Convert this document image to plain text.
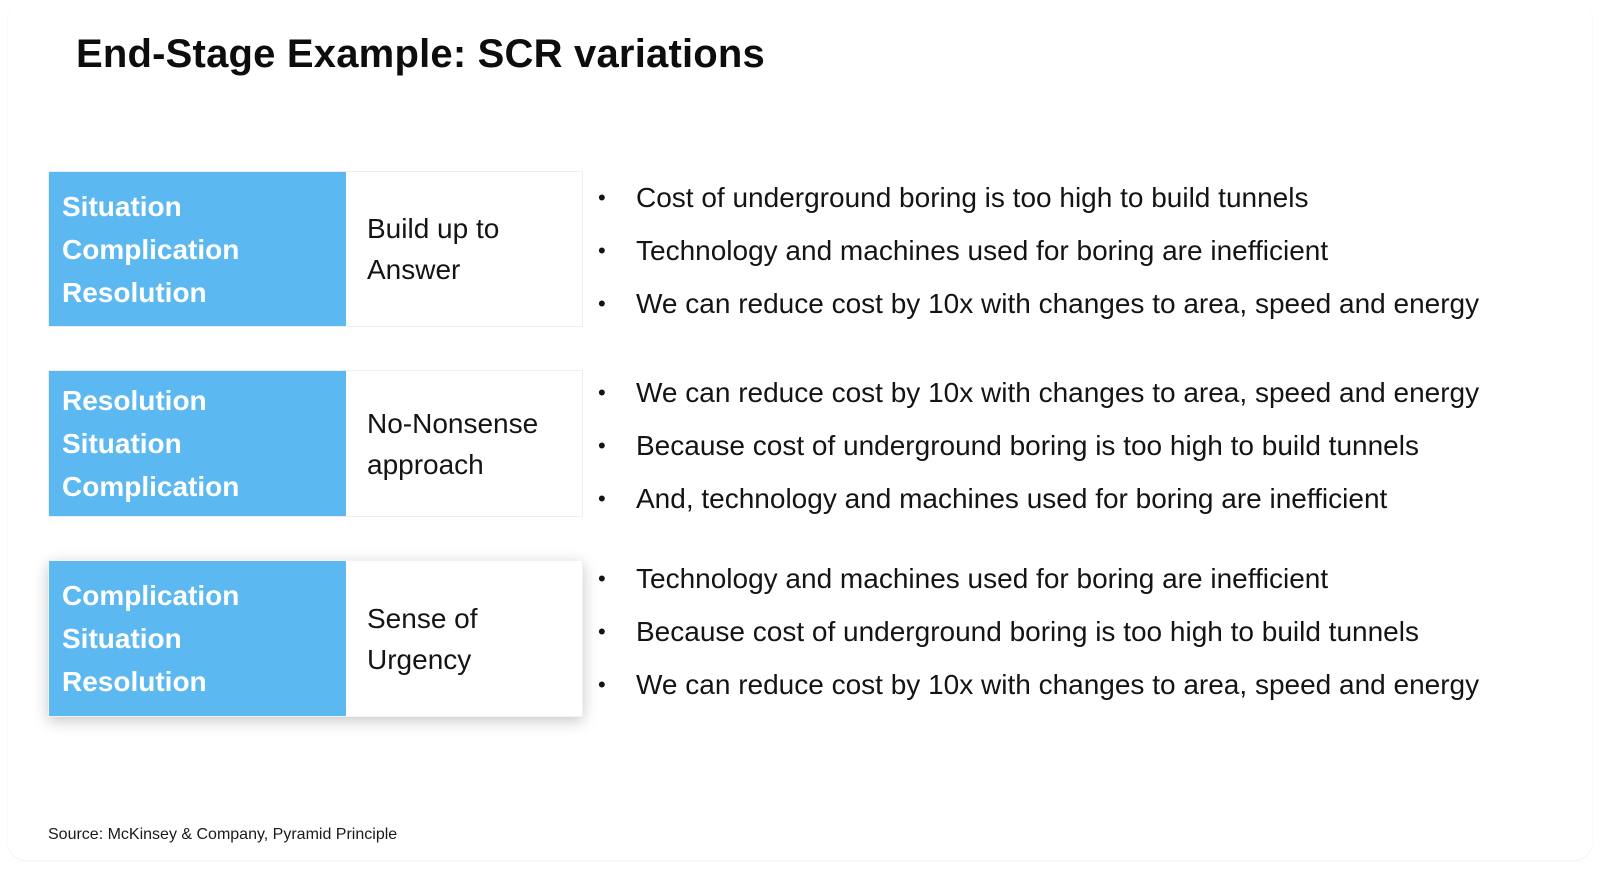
End-Stage Example: SCR variations
Situation
Complication
Resolution
Build up to Answer
•	Cost of underground boring is too high to build tunnels
•	Technology and machines used for boring are inefficient
•	We can reduce cost by 10x with changes to area, speed and energy
Resolution
Situation
Complication
No-Nonsense approach
•	We can reduce cost by 10x with changes to area, speed and energy
•	Because cost of underground boring is too high to build tunnels
•	And, technology and machines used for boring are inefficient
Complication
Situation
Resolution
Sense of Urgency
•	Technology and machines used for boring are inefficient
•	Because cost of underground boring is too high to build tunnels
•	We can reduce cost by 10x with changes to area, speed and energy
Source: McKinsey & Company, Pyramid Principle
